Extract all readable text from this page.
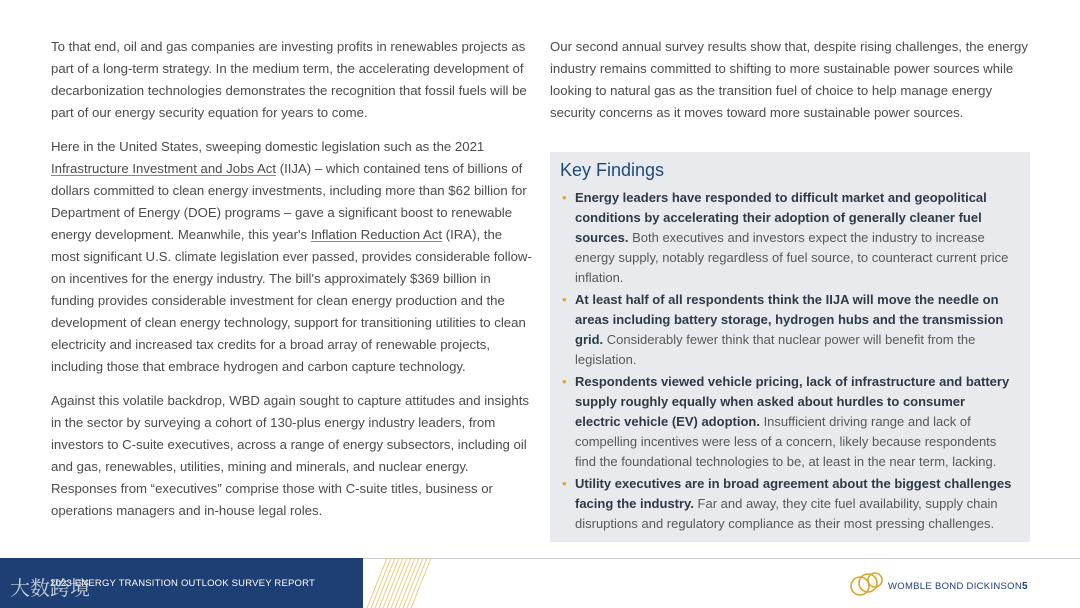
To that end, oil and gas companies are investing profits in renewables projects as part of a long-term strategy. In the medium term, the accelerating development of decarbonization technologies demonstrates the recognition that fossil fuels will be part of our energy security equation for years to come.

Here in the United States, sweeping domestic legislation such as the 2021 Infrastructure Investment and Jobs Act (IIJA) – which contained tens of billions of dollars committed to clean energy investments, including more than $62 billion for Department of Energy (DOE) programs – gave a significant boost to renewable energy development. Meanwhile, this year's Inflation Reduction Act (IRA), the most significant U.S. climate legislation ever passed, provides considerable follow-on incentives for the energy industry. The bill's approximately $369 billion in funding provides considerable investment for clean energy production and the development of clean energy technology, support for transitioning utilities to clean electricity and increased tax credits for a broad array of renewable projects, including those that embrace hydrogen and carbon capture technology.

Against this volatile backdrop, WBD again sought to capture attitudes and insights in the sector by surveying a cohort of 130-plus energy industry leaders, from investors to C-suite executives, across a range of energy subsectors, including oil and gas, renewables, utilities, mining and minerals, and nuclear energy. Responses from “executives” comprise those with C-suite titles, business or operations managers and in-house legal roles.

Our second annual survey results show that, despite rising challenges, the energy industry remains committed to shifting to more sustainable power sources while looking to natural gas as the transition fuel of choice to help manage energy security concerns as it moves toward more sustainable power sources.

Key Findings
• Energy leaders have responded to difficult market and geopolitical conditions by accelerating their adoption of generally cleaner fuel sources. Both executives and investors expect the industry to increase energy supply, notably regardless of fuel source, to counteract current price inflation.
• At least half of all respondents think the IIJA will move the needle on areas including battery storage, hydrogen hubs and the transmission grid. Considerably fewer think that nuclear power will benefit from the legislation.
• Respondents viewed vehicle pricing, lack of infrastructure and battery supply roughly equally when asked about hurdles to consumer electric vehicle (EV) adoption. Insufficient driving range and lack of compelling incentives were less of a concern, likely because respondents find the foundational technologies to be, at least in the near term, lacking.
• Utility executives are in broad agreement about the biggest challenges facing the industry. Far and away, they cite fuel availability, supply chain disruptions and regulatory compliance as their most pressing challenges.
大数跨境
2023 ENERGY TRANSITION OUTLOOK SURVEY REPORT	WOMBLE BOND DICKINSON 5
